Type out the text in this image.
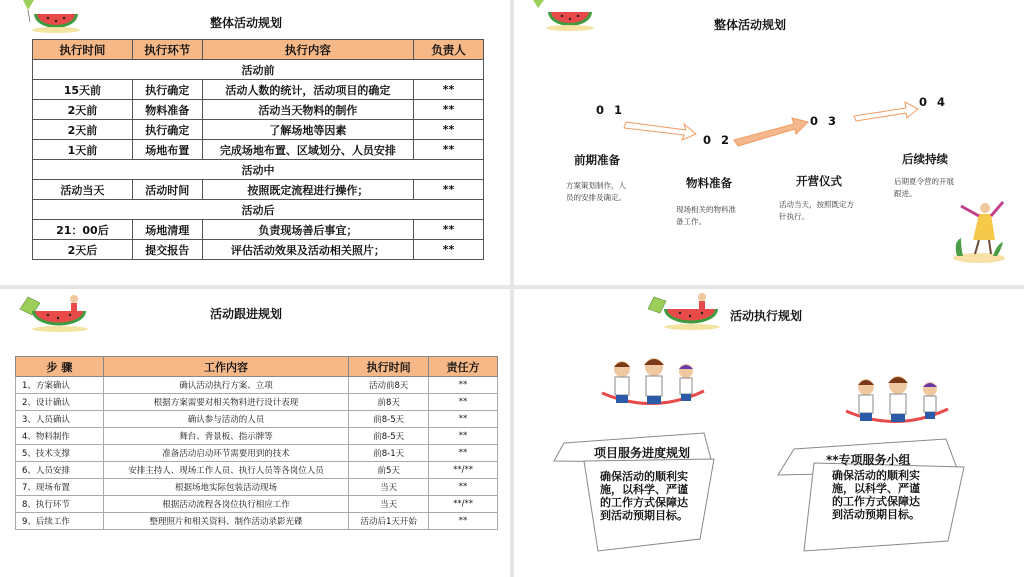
整体活动规划
执行时间	执行环节	执行内容	负责人
活动前			
15天前	执行确定	活动人数的统计，活动项目的确定	**
2天前	物料准备	活动当天物料的制作	**
2天前	执行确定	了解场地等因素	**
1天前	场地布置	完成场地布置、区域划分、人员安排	**
活动中			
活动当天	活动时间	按照既定流程进行操作；	**
活动后			
21：00后	场地清理	负责现场善后事宜；	**
2天后	提交报告	评估活动效果及活动相关照片；	**
整体活动规划
0 1
前期准备
方案策划制作，人
员的安排及确定。
0 2
物料准备
现场相关的物料准
备工作。
0 3
开营仪式
活动当天，按照既定方
针执行。
0 4
后续持续
后期夏令营的开展
跟进。
活动跟进规划
步 骤	工作内容	执行时间	责任方
1、方案确认	确认活动执行方案、立项	活动前8天	**
2、设计确认	根据方案需要对相关物料进行设计表现	前8天	**
3、人员确认	确认参与活动的人员	前8-5天	**
4、物料制作	舞台、背景板、指示牌等	前8-5天	**
5、技术支撑	准备活动启动环节需要用到的技术	前8-1天	**
6、人员安排	安排主持人、现场工作人员、执行人员等各岗位人员	前5天	**/**
7、现场布置	根据场地实际包装活动现场	当天	**
8、执行环节	根据活动流程各岗位执行相应工作	当天	**/**
9、后续工作	整理照片和相关资料、制作活动录影光碟	活动后1天开始	**
活动执行规划
项目服务进度规划
确保活动的顺利实
施，以科学、严谨
的工作方式保障达
到活动预期目标。
**专项服务小组
确保活动的顺利实
施，以科学、严谨
的工作方式保障达
到活动预期目标。
